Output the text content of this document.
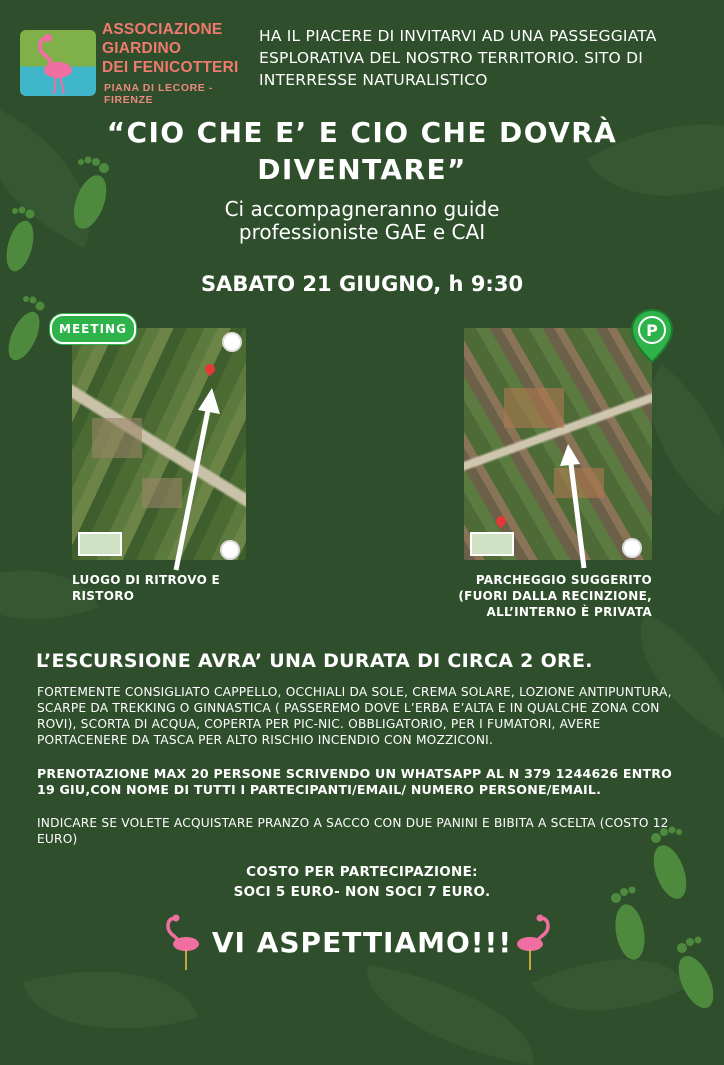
ASSOCIAZIONE
GIARDINO
DEI FENICOTTERI
PIANA DI LECORE - FIRENZE
HA IL PIACERE DI INVITARVI AD UNA PASSEGGIATA ESPLORATIVA DEL NOSTRO TERRITORIO. SITO DI INTERRESSE NATURALISTICO
“CIO CHE E’ E CIO CHE DOVRÀ
DIVENTARE”
Ci accompagneranno guide
professioniste GAE e CAI
SABATO 21 GIUGNO, h 9:30
MEETING	P
LUOGO DI RITROVO E
RISTORO
PARCHEGGIO SUGGERITO
(FUORI DALLA RECINZIONE,
ALL’INTERNO È PRIVATA
L’ESCURSIONE AVRA’ UNA DURATA DI CIRCA 2 ORE.
FORTEMENTE CONSIGLIATO CAPPELLO, OCCHIALI DA SOLE, CREMA SOLARE, LOZIONE ANTIPUNTURA, SCARPE DA TREKKING O GINNASTICA ( PASSEREMO DOVE L’ERBA E’ALTA E IN QUALCHE ZONA CON ROVI), SCORTA DI ACQUA, COPERTA PER PIC-NIC. OBBLIGATORIO, PER I FUMATORI, AVERE PORTACENERE DA TASCA PER ALTO RISCHIO INCENDIO CON MOZZICONI.
PRENOTAZIONE MAX 20 PERSONE SCRIVENDO UN WHATSAPP AL N 379 1244626 ENTRO 19 GIU,CON NOME DI TUTTI I PARTECIPANTI/EMAIL/ NUMERO PERSONE/EMAIL.
INDICARE SE VOLETE ACQUISTARE PRANZO A SACCO CON DUE PANINI E BIBITA A SCELTA (COSTO 12 EURO)
COSTO PER PARTECIPAZIONE:
SOCI 5 EURO- NON SOCI 7 EURO.
VI ASPETTIAMO!!!
